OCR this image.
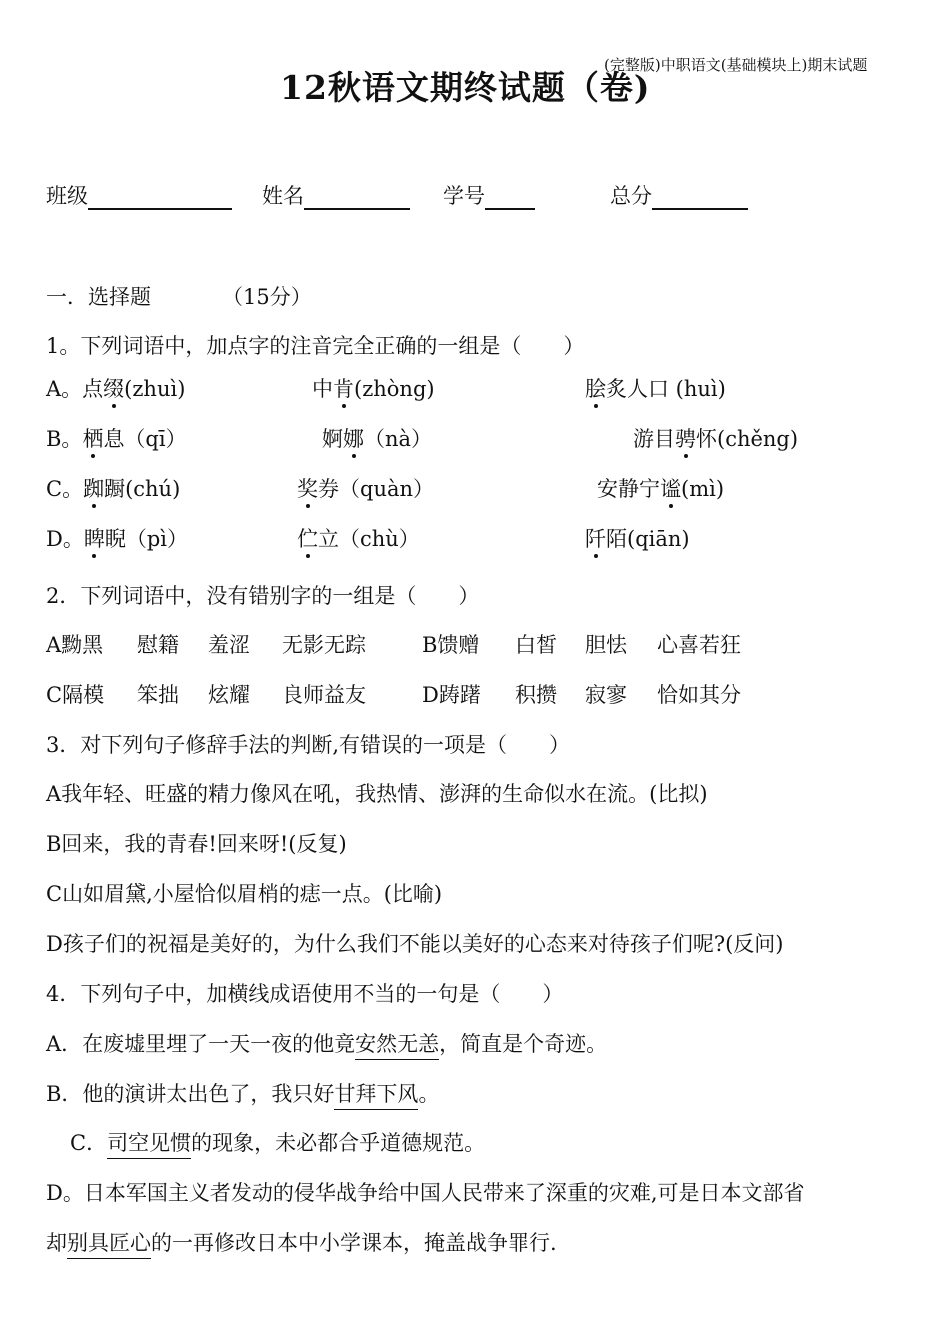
(完整版)中职语文(基础模块上)期末试题
12秋语文期终试题（卷)
班级	姓名	学号	总分
一．选择题	（15分）
1。下列词语中，加点字的注音完全正确的一组是（　　）
A。点缀(zhuì)	中肯(zhòng)	脍炙人口 (huì)
B。栖息（qī）	婀娜（nà）	游目骋怀(chěng)
C。踟蹰(chú)	奖券（quàn）	安静宁谧(mì)
D。睥睨（pì）	伫立（chù）	阡陌(qiān)
2．下列词语中，没有错别字的一组是（　　）
A黝黑 慰籍 羞涩 无影无踪	B馈赠 白皙 胆怯 心喜若狂
C隔模 笨拙 炫耀 良师益友	D踌躇 积攒 寂寥 恰如其分
3．对下列句子修辞手法的判断,有错误的一项是（　　）
A我年轻、旺盛的精力像风在吼，我热情、澎湃的生命似水在流。(比拟)
B回来，我的青春!回来呀!(反复)
C山如眉黛,小屋恰似眉梢的痣一点。(比喻)
D孩子们的祝福是美好的，为什么我们不能以美好的心态来对待孩子们呢?(反问)
4．下列句子中，加横线成语使用不当的一句是（　　）
A．在废墟里埋了一天一夜的他竟安然无恙，简直是个奇迹。
B．他的演讲太出色了，我只好甘拜下风。
C．司空见惯的现象，未必都合乎道德规范。
D。日本军国主义者发动的侵华战争给中国人民带来了深重的灾难,可是日本文部省
却别具匠心的一再修改日本中小学课本，掩盖战争罪行.
